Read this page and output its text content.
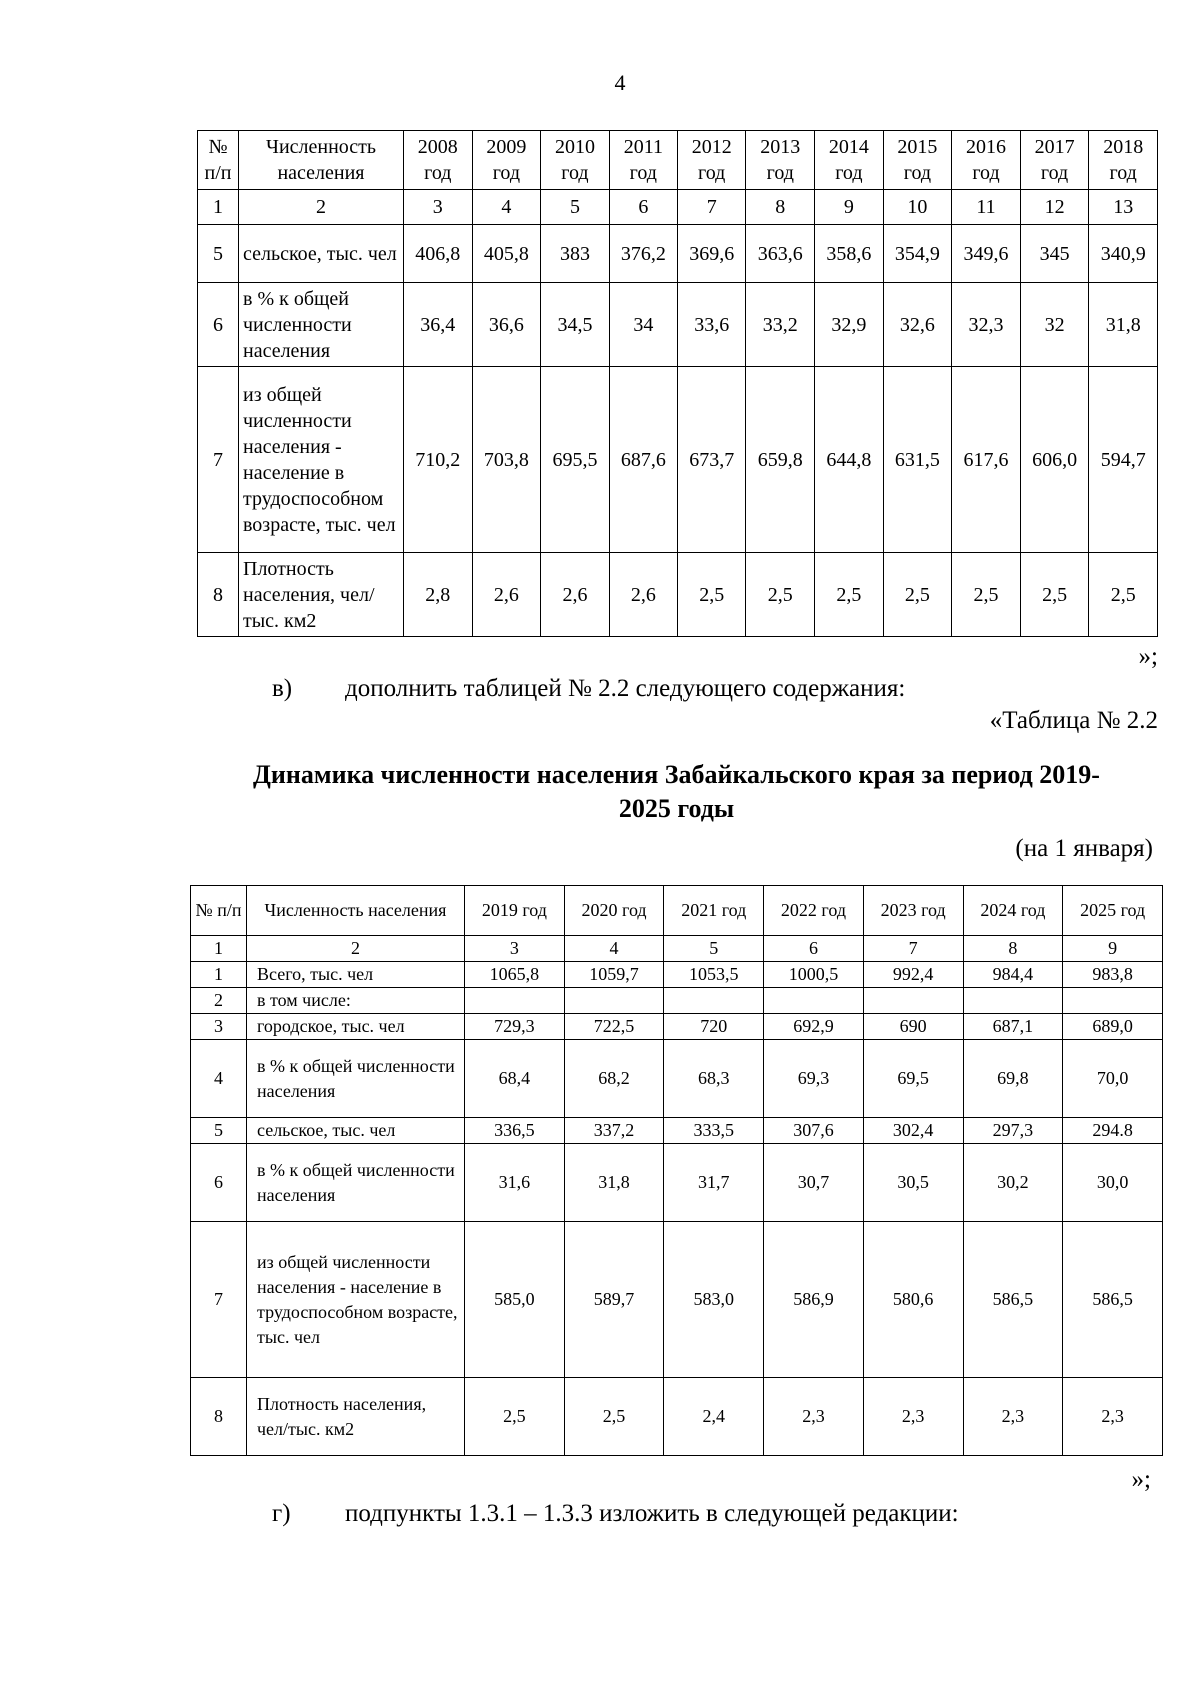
4
№ п/п	Численность населения	2008 год	2009 год	2010 год	2011 год	2012 год	2013 год	2014 год	2015 год	2016 год	2017 год	2018 год
1	2	3	4	5	6	7	8	9	10	11	12	13
5	сельское, тыс. чел	406,8	405,8	383	376,2	369,6	363,6	358,6	354,9	349,6	345	340,9
6	в % к общей численности населения	36,4	36,6	34,5	34	33,6	33,2	32,9	32,6	32,3	32	31,8
7	из общей численности населения - население в трудоспособном возрасте, тыс. чел	710,2	703,8	695,5	687,6	673,7	659,8	644,8	631,5	617,6	606,0	594,7
8	Плотность населения, чел/тыс. км2	2,8	2,6	2,6	2,6	2,5	2,5	2,5	2,5	2,5	2,5	2,5
»;
в) дополнить таблицей № 2.2 следующего содержания:
«Таблица № 2.2
Динамика численности населения Забайкальского края за период 2019-
2025 годы
(на 1 января)
№ п/п	Численность населения	2019 год	2020 год	2021 год	2022 год	2023 год	2024 год	2025 год
1	2	3	4	5	6	7	8	9
1	Всего, тыс. чел	1065,8	1059,7	1053,5	1000,5	992,4	984,4	983,8
2	в том числе:							
3	городское, тыс. чел	729,3	722,5	720	692,9	690	687,1	689,0
4	в % к общей численности населения	68,4	68,2	68,3	69,3	69,5	69,8	70,0
5	сельское, тыс. чел	336,5	337,2	333,5	307,6	302,4	297,3	294.8
6	в % к общей численности населения	31,6	31,8	31,7	30,7	30,5	30,2	30,0
7	из общей численности населения - население в трудоспособном возрасте, тыс. чел	585,0	589,7	583,0	586,9	580,6	586,5	586,5
8	Плотность населения, чел/тыс. км2	2,5	2,5	2,4	2,3	2,3	2,3	2,3
»;
г) подпункты 1.3.1 – 1.3.3 изложить в следующей редакции:
